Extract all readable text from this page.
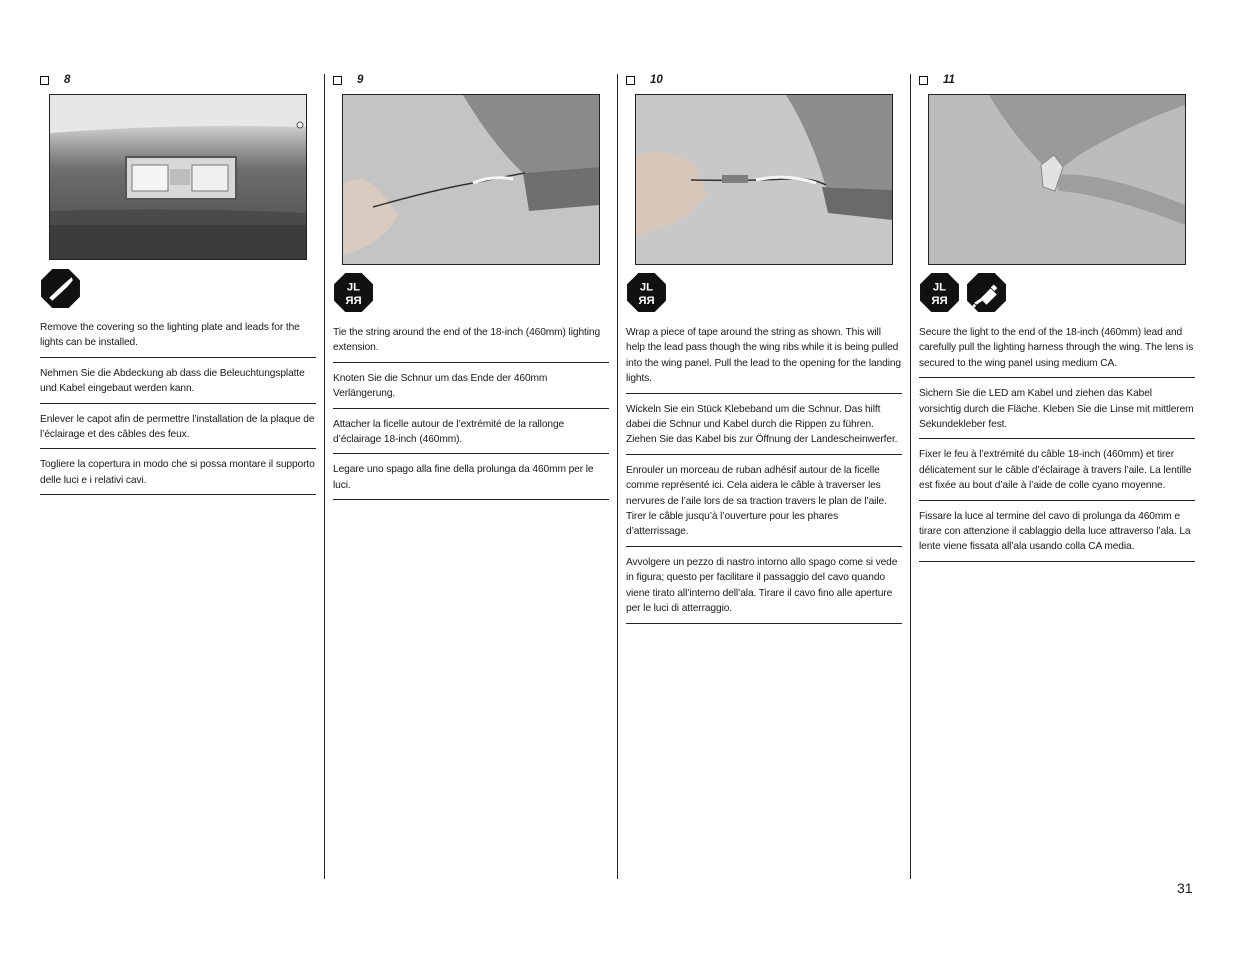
8
Remove the covering so the lighting plate and leads for the lights can be installed.
Nehmen Sie die Abdeckung ab dass die Beleuchtungsplatte und Kabel eingebaut werden kann.
Enlever le capot afin de permettre l’installation de la plaque de l’éclairage et des câbles des feux.
Togliere la copertura in modo che si possa montare il supporto delle luci e i relativi cavi.
9
JL
RR
Tie the string around the end of the 18-inch (460mm) lighting extension.
Knoten Sie die Schnur um das Ende der 460mm Verlängerung.
Attacher la ficelle autour de l’extrémité de la rallonge d’éclairage 18-inch (460mm).
Legare uno spago alla fine della prolunga da 460mm per le luci.
10
JL
RR
Wrap a piece of tape around the string as shown. This will help the lead pass though the wing ribs while it is being pulled into the wing panel. Pull the lead to the opening for the landing lights.
Wickeln Sie ein Stück Klebeband um die Schnur. Das hilft dabei die Schnur und Kabel durch die Rippen zu führen. Ziehen Sie das Kabel bis zur Öffnung der Landescheinwerfer.
Enrouler un morceau de ruban adhésif autour de la ficelle comme représenté ici. Cela aidera le câble à traverser les nervures de l’aile lors de sa traction travers le plan de l’aile. Tirer le câble jusqu’à l’ouverture pour les phares d’atterrissage.
Avvolgere un pezzo di nastro intorno allo spago come si vede in figura; questo per facilitare il passaggio del cavo quando viene tirato all’interno dell’ala. Tirare il cavo fino alle aperture per le luci di atterraggio.
11
JL
RR
Secure the light to the end of the 18-inch (460mm) lead and carefully pull the lighting harness through the wing. The lens is secured to the wing panel using medium CA.
Sichern Sie die LED am Kabel und ziehen das Kabel vorsichtig durch die Fläche. Kleben Sie die Linse mit mittlerem Sekundekleber fest.
Fixer le feu à l’extrémité du câble 18-inch (460mm) et tirer délicatement sur le câble d’éclairage à travers l’aile. La lentille est fixée au bout d’aile à l’aide de colle cyano moyenne.
Fissare la luce al termine del cavo di prolunga da 460mm e tirare con attenzione il cablaggio della luce attraverso l’ala. La lente viene fissata all’ala usando colla CA media.
31
